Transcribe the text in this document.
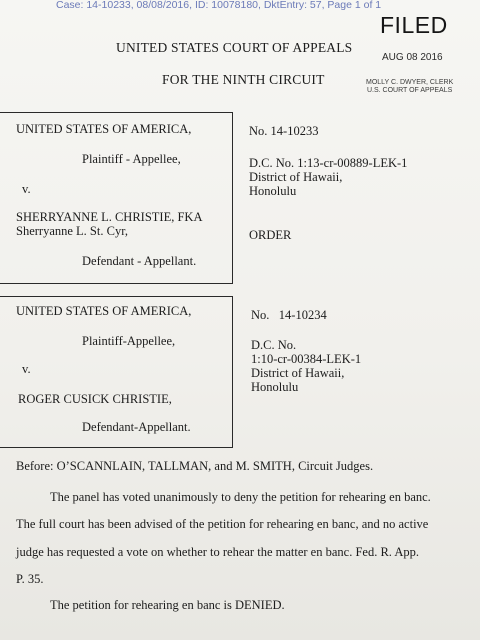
Case: 14-10233, 08/08/2016, ID: 10078180, DktEntry: 57, Page 1 of 1
FILED
AUG 08 2016
MOLLY C. DWYER, CLERK
U.S. COURT OF APPEALS
UNITED STATES COURT OF APPEALS
FOR THE NINTH CIRCUIT
UNITED STATES OF AMERICA,
Plaintiff - Appellee,
v.
SHERRYANNE L. CHRISTIE, FKA
Sherryanne L. St. Cyr,
Defendant - Appellant.
No. 14-10233
D.C. No. 1:13-cr-00889-LEK-1
District of Hawaii,
Honolulu
ORDER
UNITED STATES OF AMERICA,
Plaintiff-Appellee,
v.
ROGER CUSICK CHRISTIE,
Defendant-Appellant.
No.   14-10234
D.C. No.
1:10-cr-00384-LEK-1
District of Hawaii,
Honolulu
Before: O’SCANNLAIN, TALLMAN, and M. SMITH, Circuit Judges.
The panel has voted unanimously to deny the petition for rehearing en banc.
The full court has been advised of the petition for rehearing en banc, and no active
judge has requested a vote on whether to rehear the matter en banc. Fed. R. App.
P. 35.
The petition for rehearing en banc is DENIED.
